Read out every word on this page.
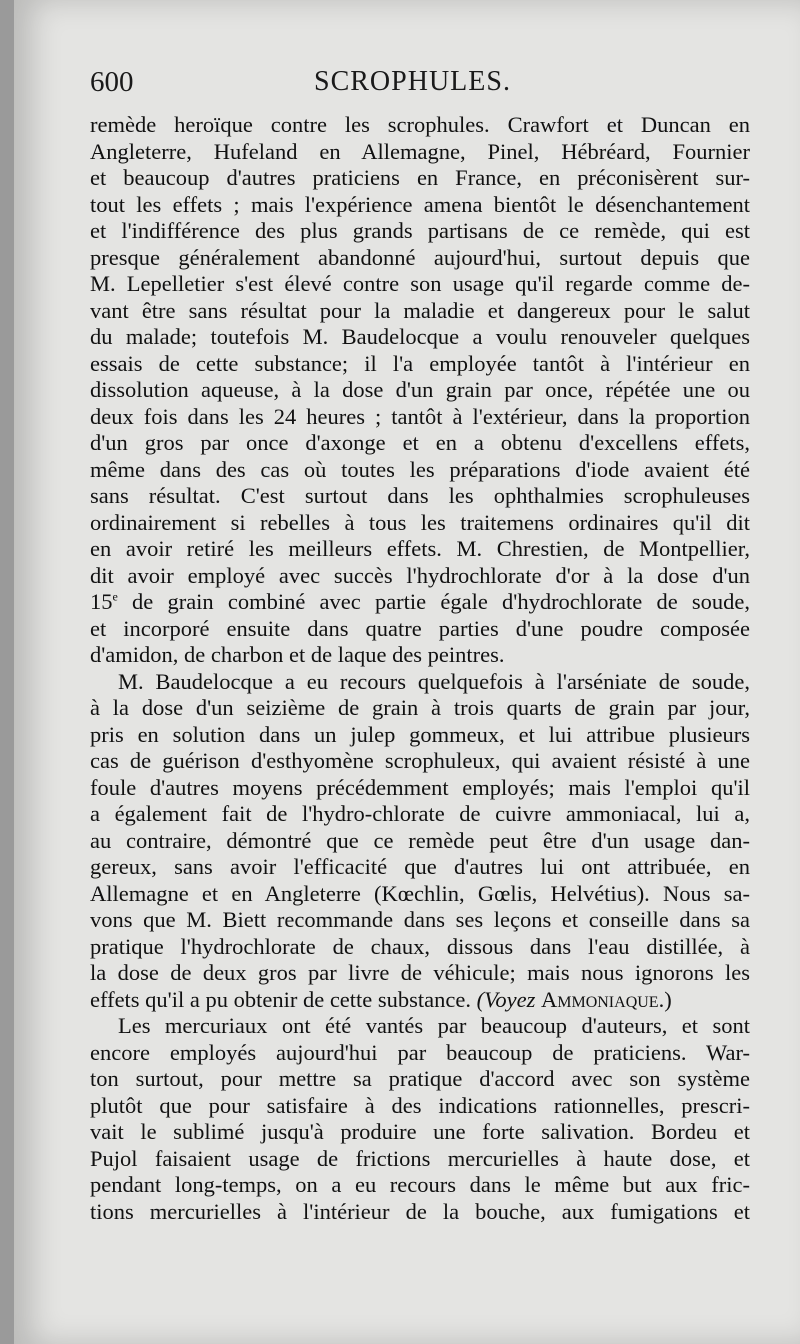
600	SCROPHULES.
remède heroïque contre les scrophules. Crawfort et Duncan en
Angleterre, Hufeland en Allemagne, Pinel, Hébréard, Fournier
et beaucoup d'autres praticiens en France, en préconisèrent sur-
tout les effets ; mais l'expérience amena bientôt le désenchantement
et l'indifférence des plus grands partisans de ce remède, qui est
presque généralement abandonné aujourd'hui, surtout depuis que
M. Lepelletier s'est élevé contre son usage qu'il regarde comme de-
vant être sans résultat pour la maladie et dangereux pour le salut
du malade; toutefois M. Baudelocque a voulu renouveler quelques
essais de cette substance; il l'a employée tantôt à l'intérieur en
dissolution aqueuse, à la dose d'un grain par once, répétée une ou
deux fois dans les 24 heures ; tantôt à l'extérieur, dans la proportion
d'un gros par once d'axonge et en a obtenu d'excellens effets,
même dans des cas où toutes les préparations d'iode avaient été
sans résultat. C'est surtout dans les ophthalmies scrophuleuses
ordinairement si rebelles à tous les traitemens ordinaires qu'il dit
en avoir retiré les meilleurs effets. M. Chrestien, de Montpellier,
dit avoir employé avec succès l'hydrochlorate d'or à la dose d'un
15e de grain combiné avec partie égale d'hydrochlorate de soude,
et incorporé ensuite dans quatre parties d'une poudre composée
d'amidon, de charbon et de laque des peintres.
M. Baudelocque a eu recours quelquefois à l'arséniate de soude,
à la dose d'un seizième de grain à trois quarts de grain par jour,
pris en solution dans un julep gommeux, et lui attribue plusieurs
cas de guérison d'esthyomène scrophuleux, qui avaient résisté à une
foule d'autres moyens précédemment employés; mais l'emploi qu'il
a également fait de l'hydro-chlorate de cuivre ammoniacal, lui a,
au contraire, démontré que ce remède peut être d'un usage dan-
gereux, sans avoir l'efficacité que d'autres lui ont attribuée, en
Allemagne et en Angleterre (Kœchlin, Gœlis, Helvétius). Nous sa-
vons que M. Biett recommande dans ses leçons et conseille dans sa
pratique l'hydrochlorate de chaux, dissous dans l'eau distillée, à
la dose de deux gros par livre de véhicule; mais nous ignorons les
effets qu'il a pu obtenir de cette substance. (Voyez Ammoniaque.)
Les mercuriaux ont été vantés par beaucoup d'auteurs, et sont
encore employés aujourd'hui par beaucoup de praticiens. War-
ton surtout, pour mettre sa pratique d'accord avec son système
plutôt que pour satisfaire à des indications rationnelles, prescri-
vait le sublimé jusqu'à produire une forte salivation. Bordeu et
Pujol faisaient usage de frictions mercurielles à haute dose, et
pendant long-temps, on a eu recours dans le même but aux fric-
tions mercurielles à l'intérieur de la bouche, aux fumigations et
